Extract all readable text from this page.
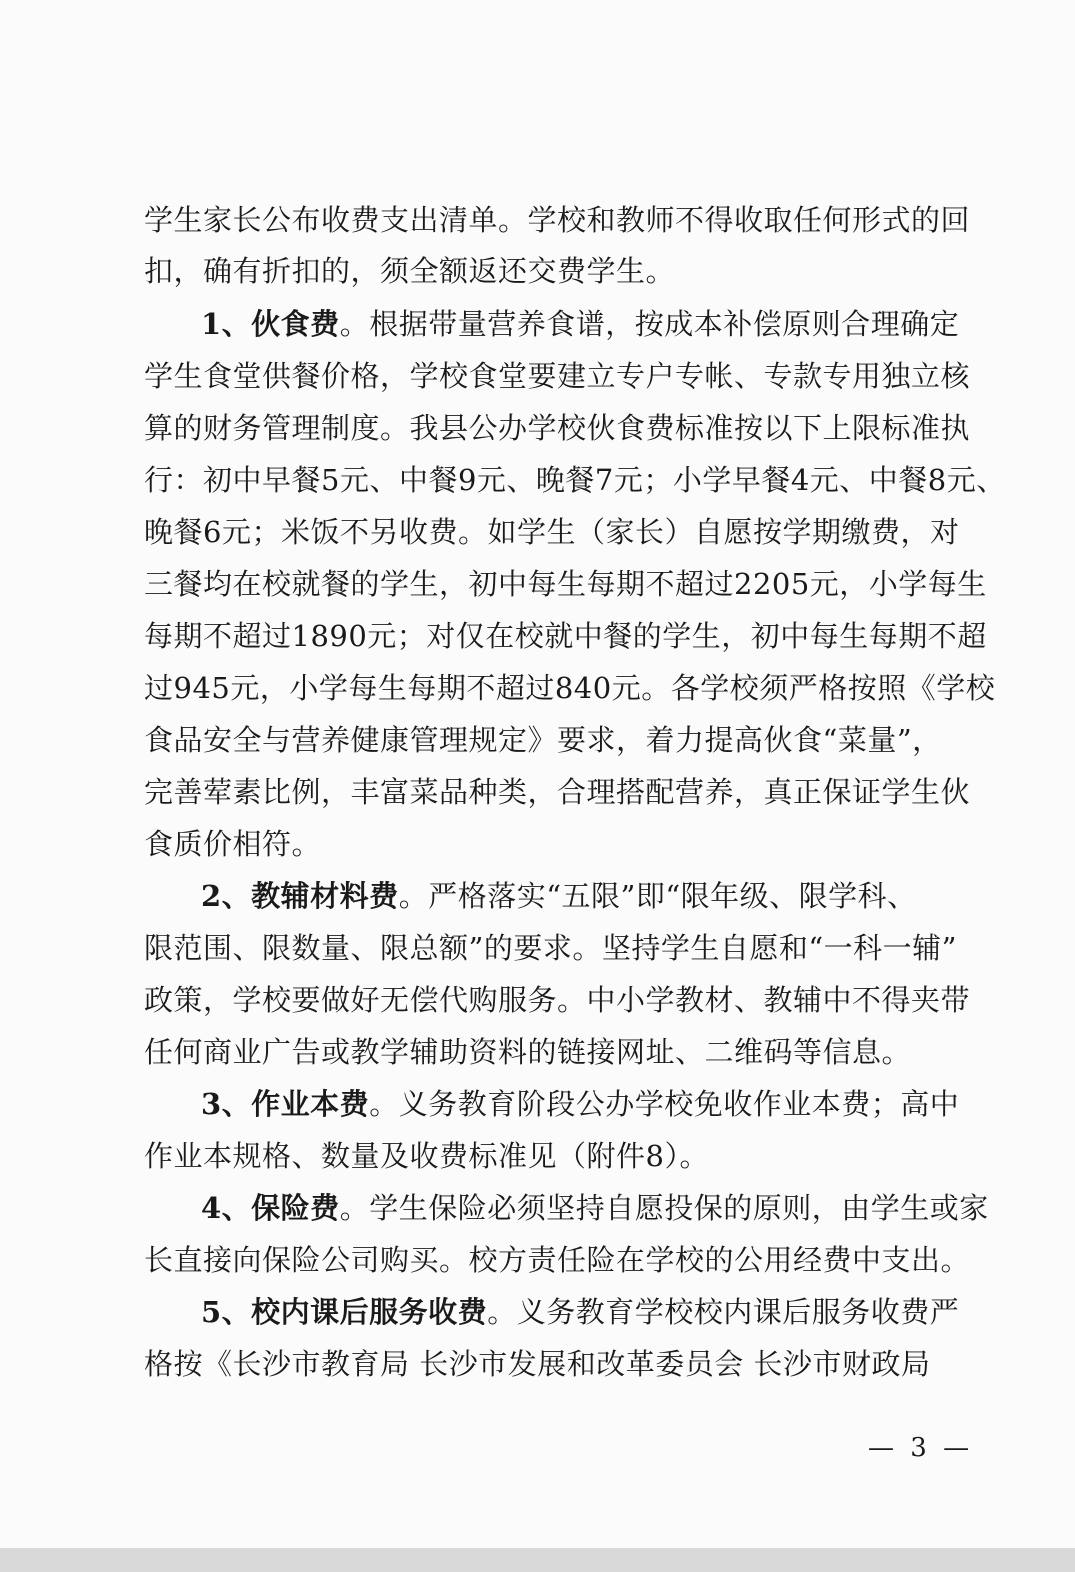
学生家长公布收费支出清单。学校和教师不得收取任何形式的回
扣，确有折扣的，须全额返还交费学生。
1、伙食费。根据带量营养食谱，按成本补偿原则合理确定
学生食堂供餐价格，学校食堂要建立专户专帐、专款专用独立核
算的财务管理制度。我县公办学校伙食费标准按以下上限标准执
行：初中早餐5元、中餐9元、晚餐7元；小学早餐4元、中餐8元、
晚餐6元；米饭不另收费。如学生（家长）自愿按学期缴费，对
三餐均在校就餐的学生，初中每生每期不超过2205元，小学每生
每期不超过1890元；对仅在校就中餐的学生，初中每生每期不超
过945元，小学每生每期不超过840元。各学校须严格按照《学校
食品安全与营养健康管理规定》要求，着力提高伙食“菜量”，
完善荤素比例，丰富菜品种类，合理搭配营养，真正保证学生伙
食质价相符。
2、教辅材料费。严格落实“五限”即“限年级、限学科、
限范围、限数量、限总额”的要求。坚持学生自愿和“一科一辅”
政策，学校要做好无偿代购服务。中小学教材、教辅中不得夹带
任何商业广告或教学辅助资料的链接网址、二维码等信息。
3、作业本费。义务教育阶段公办学校免收作业本费；高中
作业本规格、数量及收费标准见（附件8）。
4、保险费。学生保险必须坚持自愿投保的原则，由学生或家
长直接向保险公司购买。校方责任险在学校的公用经费中支出。
5、校内课后服务收费。义务教育学校校内课后服务收费严
格按《长沙市教育局 长沙市发展和改革委员会 长沙市财政局
— 3 —
